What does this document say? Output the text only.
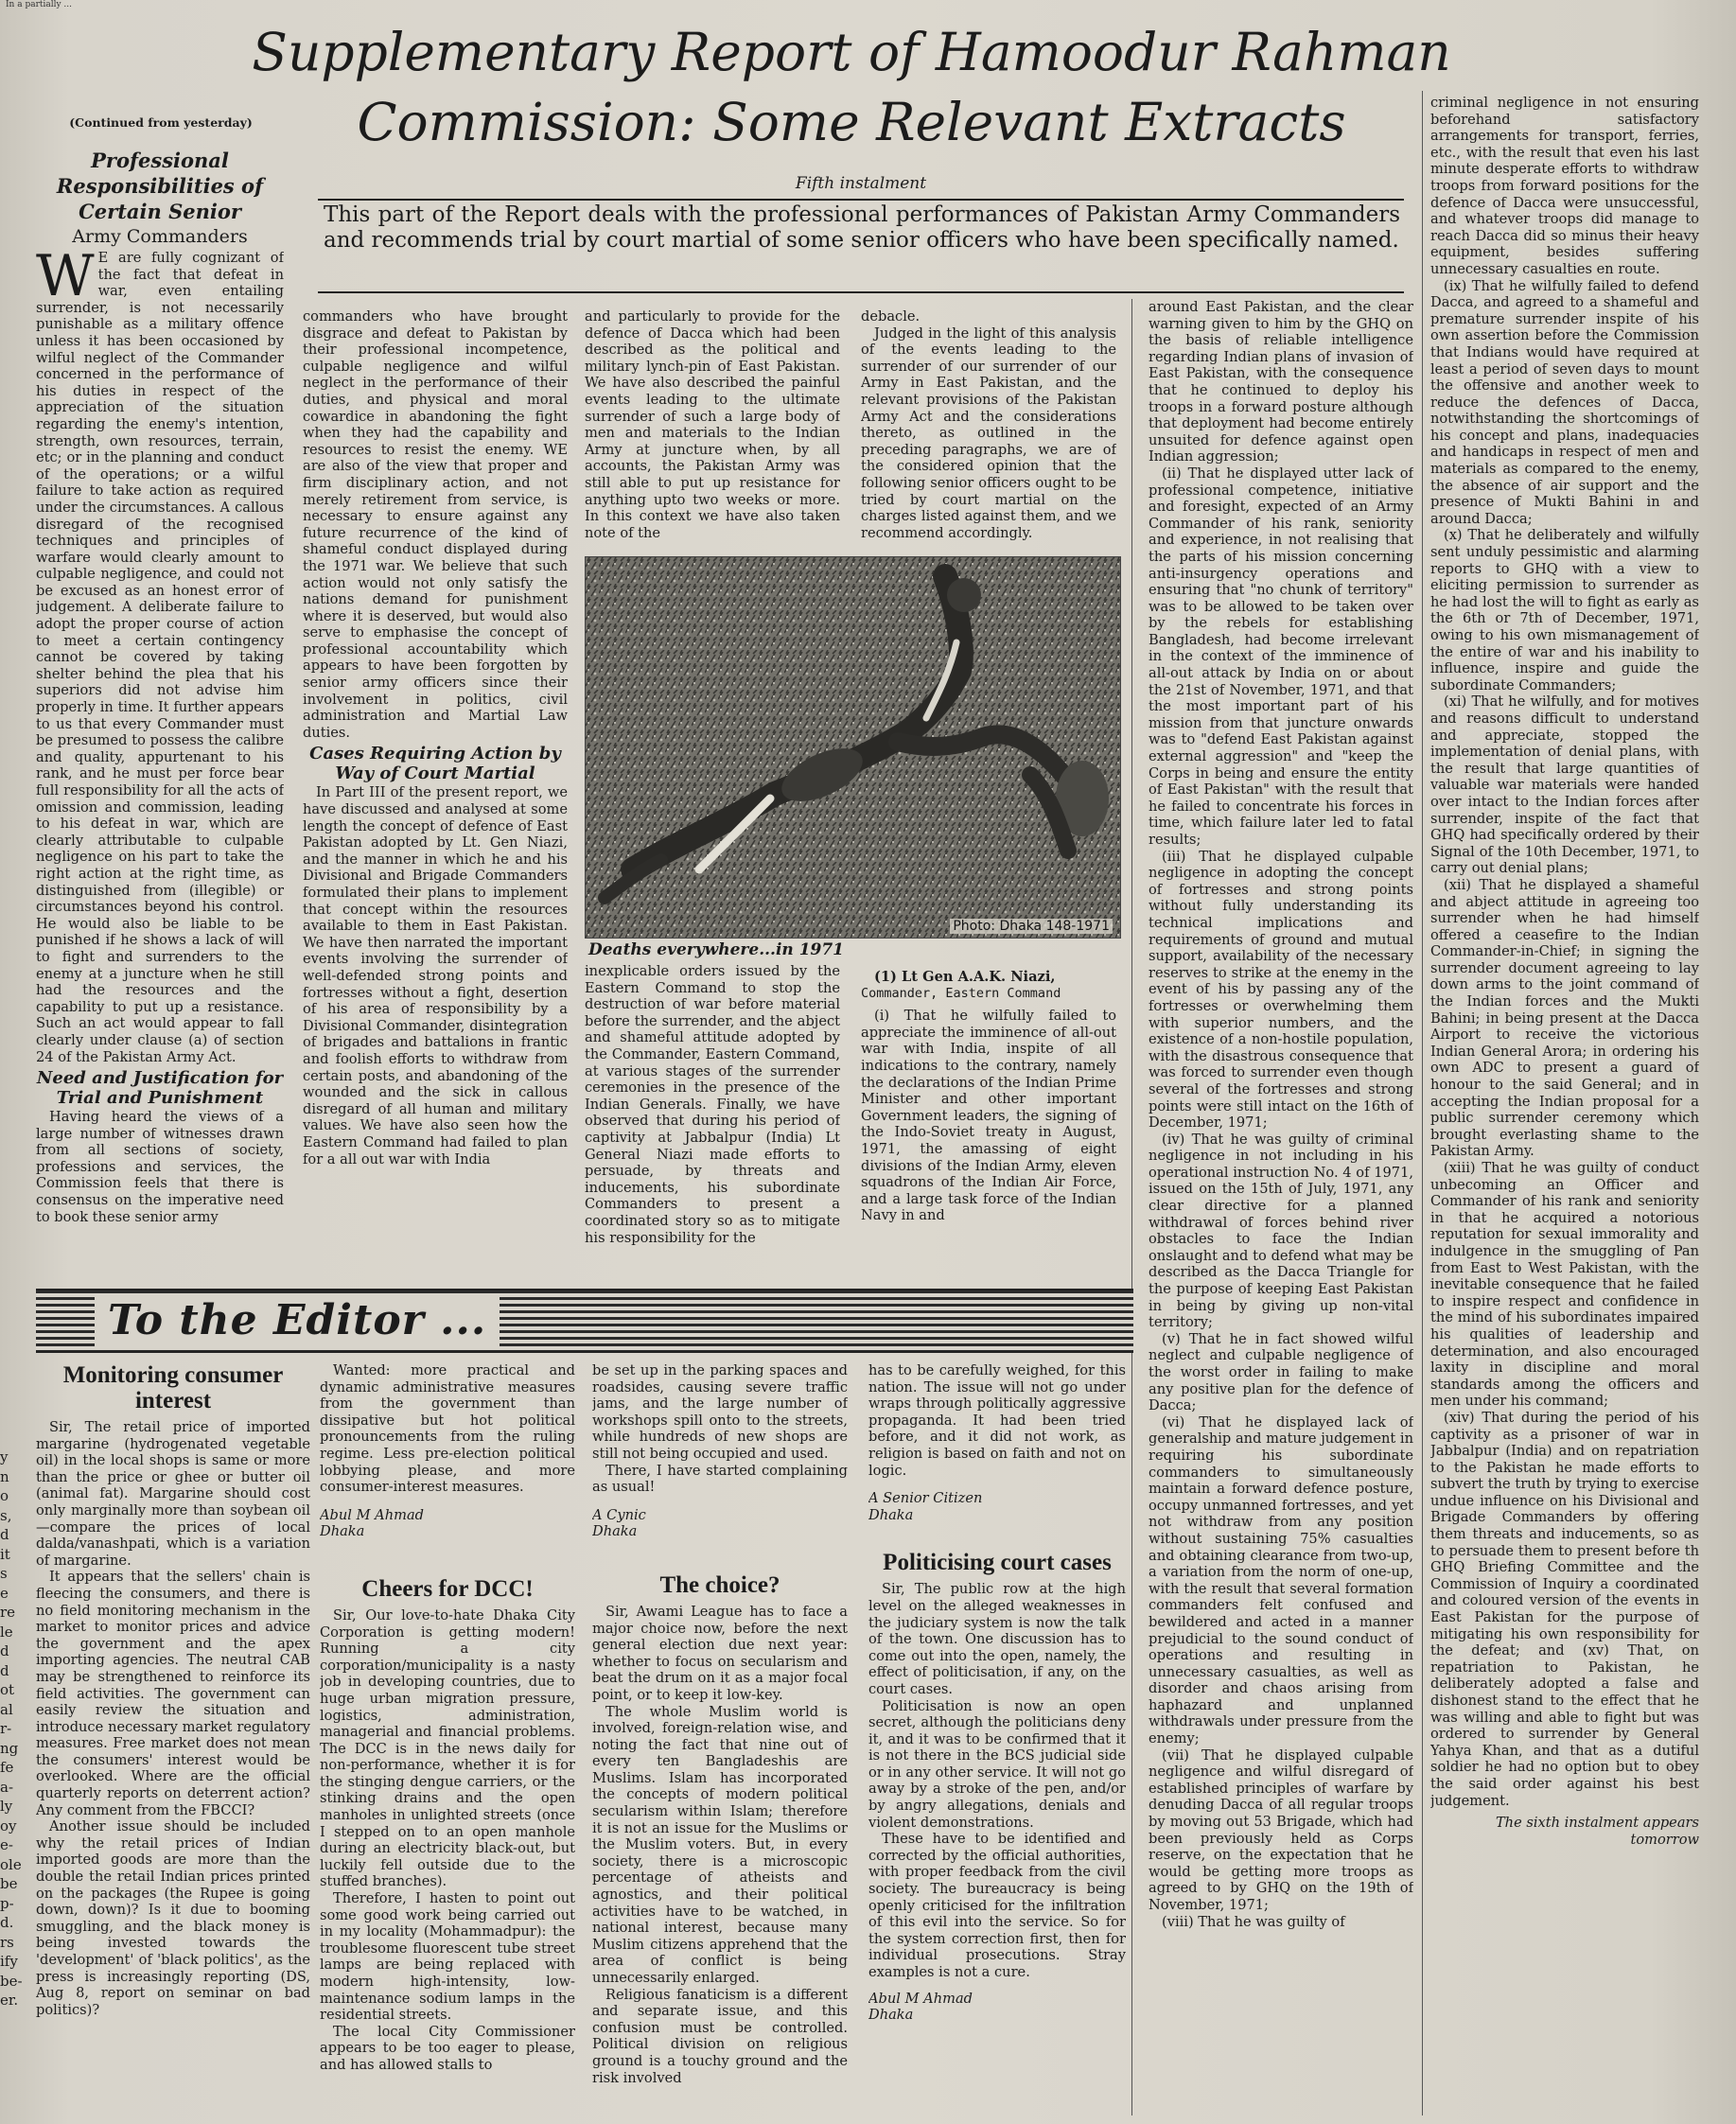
In a partially ...
y
n
o
s,
d
it
s
e
re
le
d
d
ot
al
r-
ng
fe
a-
ly
oy
e-
ole
be
p-
d.
rs
ify
be-
er.
Supplementary Report of Hamoodur Rahman
Commission: Some Relevant Extracts
Fifth instalment
This part of the Report deals with the professional performances of Pakistan Army Commanders and recommends trial by court martial of some senior officers who have been specifically named.
(Continued from yesterday)
Professional
Responsibilities of
Certain Senior
Army Commanders

W E are fully cognizant of the fact that defeat in war, even entailing surrender, is not necessarily punishable as a military offence unless it has been occasioned by wilful neglect of the Commander concerned in the performance of his duties in respect of the appreciation of the situation regarding the enemy's intention, strength, own resources, terrain, etc; or in the planning and conduct of the operations; or a wilful failure to take action as required under the circumstances. A callous disregard of the recognised techniques and principles of warfare would clearly amount to culpable negligence, and could not be excused as an honest error of judgement. A deliberate failure to adopt the proper course of action to meet a certain contingency cannot be covered by taking shelter behind the plea that his superiors did not advise him properly in time. It further appears to us that every Commander must be presumed to possess the calibre and quality, appurtenant to his rank, and he must per force bear full responsibility for all the acts of omission and commission, leading to his defeat in war, which are clearly attributable to culpable negligence on his part to take the right action at the right time, as distinguished from (illegible) or circumstances beyond his control. He would also be liable to be punished if he shows a lack of will to fight and surrenders to the enemy at a juncture when he still had the resources and the capability to put up a resistance. Such an act would appear to fall clearly under clause (a) of section 24 of the Pakistan Army Act.

Need and Justification for Trial and Punishment

Having heard the views of a large number of witnesses drawn from all sections of society, professions and services, the Commission feels that there is consensus on the imperative need to book these senior army

commanders who have brought disgrace and defeat to Pakistan by their professional incompetence, culpable negligence and wilful neglect in the performance of their duties, and physical and moral cowardice in abandoning the fight when they had the capability and resources to resist the enemy. WE are also of the view that proper and firm disciplinary action, and not merely retirement from service, is necessary to ensure against any future recurrence of the kind of shameful conduct displayed during the 1971 war. We believe that such action would not only satisfy the nations demand for punishment where it is deserved, but would also serve to emphasise the concept of professional accountability which appears to have been forgotten by senior army officers since their involvement in politics, civil administration and Martial Law duties.

Cases Requiring Action by Way of Court Martial

In Part III of the present report, we have discussed and analysed at some length the concept of defence of East Pakistan adopted by Lt. Gen Niazi, and the manner in which he and his Divisional and Brigade Commanders formulated their plans to implement that concept within the resources available to them in East Pakistan. We have then narrated the important events involving the surrender of well-defended strong points and fortresses without a fight, desertion of his area of responsibility by a Divisional Commander, disintegration of brigades and battalions in frantic and foolish efforts to withdraw from certain posts, and abandoning of the wounded and the sick in callous disregard of all human and military values. We have also seen how the Eastern Command had failed to plan for a all out war with India

and particularly to provide for the defence of Dacca which had been described as the political and military lynch-pin of East Pakistan. We have also described the painful events leading to the ultimate surrender of such a large body of men and materials to the Indian Army at juncture when, by all accounts, the Pakistan Army was still able to put up resistance for anything upto two weeks or more. In this context we have also taken note of the

debacle.

Judged in the light of this analysis of the events leading to the surrender of our surrender of our Army in East Pakistan, and the relevant provisions of the Pakistan Army Act and the considerations thereto, as outlined in the preceding paragraphs, we are of the considered opinion that the following senior officers ought to be tried by court martial on the charges listed against them, and we recommend accordingly.

Photo: Dhaka 148-1971
Deaths everywhere...in 1971

inexplicable orders issued by the Eastern Command to stop the destruction of war before material before the surrender, and the abject and shameful attitude adopted by the Commander, Eastern Command, at various stages of the surrender ceremonies in the presence of the Indian Generals. Finally, we have observed that during his period of captivity at Jabbalpur (India) Lt General Niazi made efforts to persuade, by threats and inducements, his subordinate Commanders to present a coordinated story so as to mitigate his responsibility for the

(1) Lt Gen A.A.K. Niazi,

Commander, Eastern Command

(i) That he wilfully failed to appreciate the imminence of all-out war with India, inspite of all indications to the contrary, namely the declarations of the Indian Prime Minister and other important Government leaders, the signing of the Indo-Soviet treaty in August, 1971, the amassing of eight divisions of the Indian Army, eleven squadrons of the Indian Air Force, and a large task force of the Indian Navy in and

around East Pakistan, and the clear warning given to him by the GHQ on the basis of reliable intelligence regarding Indian plans of invasion of East Pakistan, with the consequence that he continued to deploy his troops in a forward posture although that deployment had become entirely unsuited for defence against open Indian aggression;

(ii) That he displayed utter lack of professional competence, initiative and foresight, expected of an Army Commander of his rank, seniority and experience, in not realising that the parts of his mission concerning anti-insurgency operations and ensuring that "no chunk of territory" was to be allowed to be taken over by the rebels for establishing Bangladesh, had become irrelevant in the context of the imminence of all-out attack by India on or about the 21st of November, 1971, and that the most important part of his mission from that juncture onwards was to "defend East Pakistan against external aggression" and "keep the Corps in being and ensure the entity of East Pakistan" with the result that he failed to concentrate his forces in time, which failure later led to fatal results;

(iii) That he displayed culpable negligence in adopting the concept of fortresses and strong points without fully understanding its technical implications and requirements of ground and mutual support, availability of the necessary reserves to strike at the enemy in the event of his by passing any of the fortresses or overwhelming them with superior numbers, and the existence of a non-hostile population, with the disastrous consequence that was forced to surrender even though several of the fortresses and strong points were still intact on the 16th of December, 1971;

(iv) That he was guilty of criminal negligence in not including in his operational instruction No. 4 of 1971, issued on the 15th of July, 1971, any clear directive for a planned withdrawal of forces behind river obstacles to face the Indian onslaught and to defend what may be described as the Dacca Triangle for the purpose of keeping East Pakistan in being by giving up non-vital territory;

(v) That he in fact showed wilful neglect and culpable negligence of the worst order in failing to make any positive plan for the defence of Dacca;

(vi) That he displayed lack of generalship and mature judgement in requiring his subordinate commanders to simultaneously maintain a forward defence posture, occupy unmanned fortresses, and yet not withdraw from any position without sustaining 75% casualties and obtaining clearance from two-up, a variation from the norm of one-up, with the result that several formation commanders felt confused and bewildered and acted in a manner prejudicial to the sound conduct of operations and resulting in unnecessary casualties, as well as disorder and chaos arising from haphazard and unplanned withdrawals under pressure from the enemy;

(vii) That he displayed culpable negligence and wilful disregard of established principles of warfare by denuding Dacca of all regular troops by moving out 53 Brigade, which had been previously held as Corps reserve, on the expectation that he would be getting more troops as agreed to by GHQ on the 19th of November, 1971;

(viii) That he was guilty of

criminal negligence in not ensuring beforehand satisfactory arrangements for transport, ferries, etc., with the result that even his last minute desperate efforts to withdraw troops from forward positions for the defence of Dacca were unsuccessful, and whatever troops did manage to reach Dacca did so minus their heavy equipment, besides suffering unnecessary casualties en route.

(ix) That he wilfully failed to defend Dacca, and agreed to a shameful and premature surrender inspite of his own assertion before the Commission that Indians would have required at least a period of seven days to mount the offensive and another week to reduce the defences of Dacca, notwithstanding the shortcomings of his concept and plans, inadequacies and handicaps in respect of men and materials as compared to the enemy, the absence of air support and the presence of Mukti Bahini in and around Dacca;

(x) That he deliberately and wilfully sent unduly pessimistic and alarming reports to GHQ with a view to eliciting permission to surrender as he had lost the will to fight as early as the 6th or 7th of December, 1971, owing to his own mismanagement of the entire of war and his inability to influence, inspire and guide the subordinate Commanders;

(xi) That he wilfully, and for motives and reasons difficult to understand and appreciate, stopped the implementation of denial plans, with the result that large quantities of valuable war materials were handed over intact to the Indian forces after surrender, inspite of the fact that GHQ had specifically ordered by their Signal of the 10th December, 1971, to carry out denial plans;

(xii) That he displayed a shameful and abject attitude in agreeing too surrender when he had himself offered a ceasefire to the Indian Commander-in-Chief; in signing the surrender document agreeing to lay down arms to the joint command of the Indian forces and the Mukti Bahini; in being present at the Dacca Airport to receive the victorious Indian General Arora; in ordering his own ADC to present a guard of honour to the said General; and in accepting the Indian proposal for a public surrender ceremony which brought everlasting shame to the Pakistan Army.

(xiii) That he was guilty of conduct unbecoming an Officer and Commander of his rank and seniority in that he acquired a notorious reputation for sexual immorality and indulgence in the smuggling of Pan from East to West Pakistan, with the inevitable consequence that he failed to inspire respect and confidence in the mind of his subordinates impaired his qualities of leadership and determination, and also encouraged laxity in discipline and moral standards among the officers and men under his command;

(xiv) That during the period of his captivity as a prisoner of war in Jabbalpur (India) and on repatriation to the Pakistan he made efforts to subvert the truth by trying to exercise undue influence on his Divisional and Brigade Commanders by offering them threats and inducements, so as to persuade them to present before th GHQ Briefing Committee and the Commission of Inquiry a coordinated and coloured version of the events in East Pakistan for the purpose of mitigating his own responsibility for the defeat; and (xv) That, on repatriation to Pakistan, he deliberately adopted a false and dishonest stand to the effect that he was willing and able to fight but was ordered to surrender by General Yahya Khan, and that as a dutiful soldier he had no option but to obey the said order against his best judgement.

The sixth instalment appears tomorrow

To the Editor ...
Monitoring consumer interest

Sir, The retail price of imported margarine (hydrogenated vegetable oil) in the local shops is same or more than the price or ghee or butter oil (animal fat). Margarine should cost only marginally more than soybean oil—compare the prices of local dalda/vanashpati, which is a variation of margarine.

It appears that the sellers' chain is fleecing the consumers, and there is no field monitoring mechanism in the market to monitor prices and advice the government and the apex importing agencies. The neutral CAB may be strengthened to reinforce its field activities. The government can easily review the situation and introduce necessary market regulatory measures. Free market does not mean the consumers' interest would be overlooked. Where are the official quarterly reports on deterrent action? Any comment from the FBCCI?

Another issue should be included why the retail prices of Indian imported goods are more than the double the retail Indian prices printed on the packages (the Rupee is going down, down)? Is it due to booming smuggling, and the black money is being invested towards the 'development' of 'black politics', as the press is increasingly reporting (DS, Aug 8, report on seminar on bad politics)?

Wanted: more practical and dynamic administrative measures from the government than dissipative but hot political pronouncements from the ruling regime. Less pre-election political lobbying please, and more consumer-interest measures.

Abul M Ahmad

Dhaka

Cheers for DCC!

Sir, Our love-to-hate Dhaka City Corporation is getting modern! Running a city corporation/municipality is a nasty job in developing countries, due to huge urban migration pressure, logistics, administration, managerial and financial problems. The DCC is in the news daily for non-performance, whether it is for the stinging dengue carriers, or the stinking drains and the open manholes in unlighted streets (once I stepped on to an open manhole during an electricity black-out, but luckily fell outside due to the stuffed branches).

Therefore, I hasten to point out some good work being carried out in my locality (Mohammadpur): the troublesome fluorescent tube street lamps are being replaced with modern high-intensity, low-maintenance sodium lamps in the residential streets.

The local City Commissioner appears to be too eager to please, and has allowed stalls to

be set up in the parking spaces and roadsides, causing severe traffic jams, and the large number of workshops spill onto to the streets, while hundreds of new shops are still not being occupied and used.

There, I have started complaining as usual!

A Cynic

Dhaka

The choice?

Sir, Awami League has to face a major choice now, before the next general election due next year: whether to focus on secularism and beat the drum on it as a major focal point, or to keep it low-key.

The whole Muslim world is involved, foreign-relation wise, and noting the fact that nine out of every ten Bangladeshis are Muslims. Islam has incorporated the concepts of modern political secularism within Islam; therefore it is not an issue for the Muslims or the Muslim voters. But, in every society, there is a microscopic percentage of atheists and agnostics, and their political activities have to be watched, in national interest, because many Muslim citizens apprehend that the area of conflict is being unnecessarily enlarged.

Religious fanaticism is a different and separate issue, and this confusion must be controlled. Political division on religious ground is a touchy ground and the risk involved

has to be carefully weighed, for this nation. The issue will not go under wraps through politically aggressive propaganda. It had been tried before, and it did not work, as religion is based on faith and not on logic.

A Senior Citizen

Dhaka

Politicising court cases

Sir, The public row at the high level on the alleged weaknesses in the judiciary system is now the talk of the town. One discussion has to come out into the open, namely, the effect of politicisation, if any, on the court cases.

Politicisation is now an open secret, although the politicians deny it, and it was to be confirmed that it is not there in the BCS judicial side or in any other service. It will not go away by a stroke of the pen, and/or by angry allegations, denials and violent demonstrations.

These have to be identified and corrected by the official authorities, with proper feedback from the civil society. The bureaucracy is being openly criticised for the infiltration of this evil into the service. So for the system correction first, then for individual prosecutions. Stray examples is not a cure.

Abul M Ahmad

Dhaka
